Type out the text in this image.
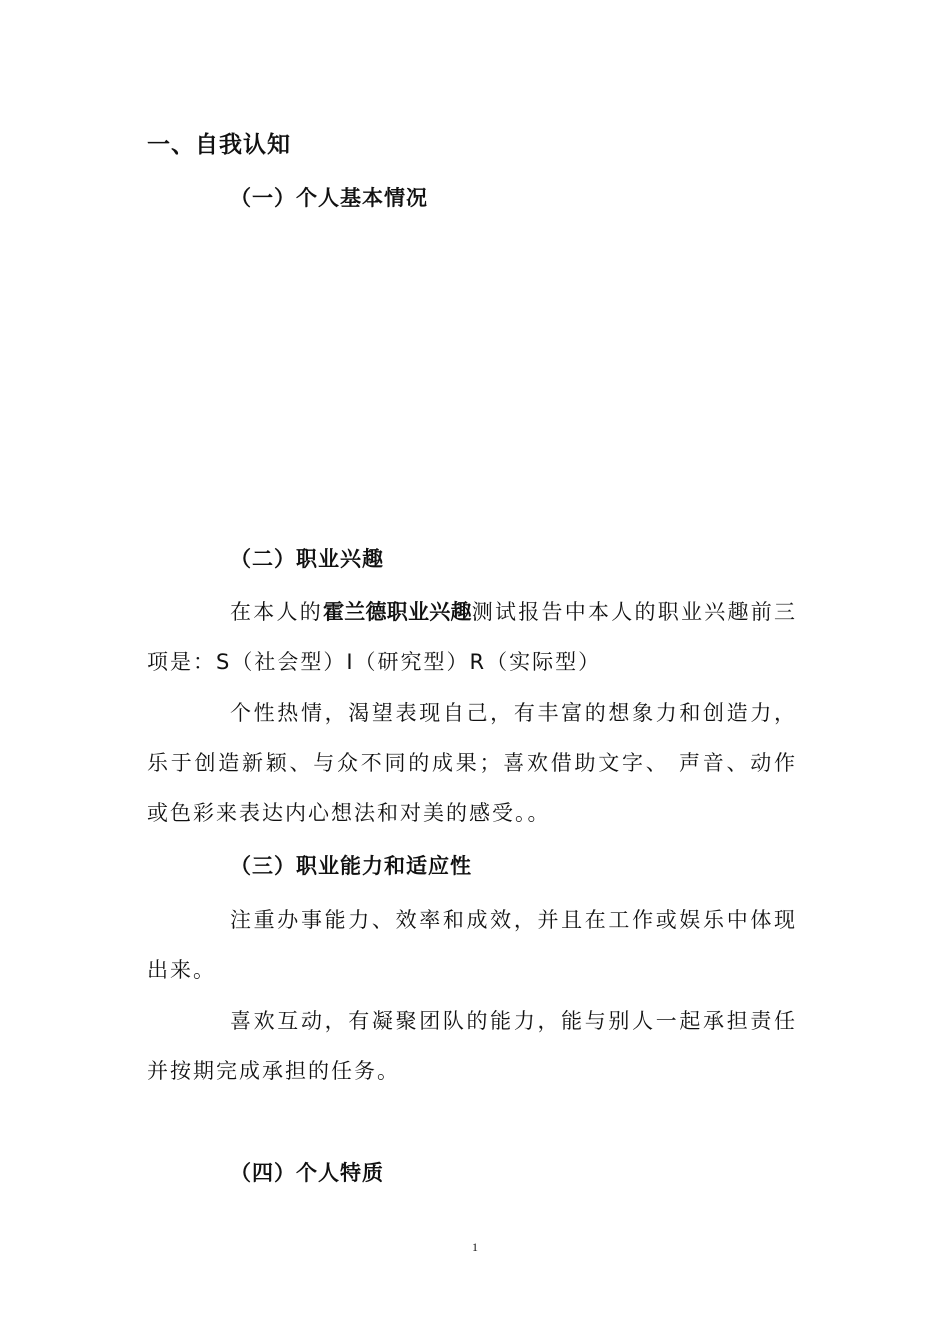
一、自我认知
（一）个人基本情况
（二）职业兴趣

在本人的霍兰德职业兴趣测试报告中本人的职业兴趣前三项是：S（社会型）I（研究型）R（实际型）

个性热情，渴望表现自己，有丰富的想象力和创造力，乐于创造新颖、与众不同的成果；喜欢借助文字、 声音、动作或色彩来表达内心想法和对美的感受。。

（三）职业能力和适应性

注重办事能力、效率和成效，并且在工作或娱乐中体现出来。

喜欢互动，有凝聚团队的能力，能与别人一起承担责任并按期完成承担的任务。

（四）个人特质
1
